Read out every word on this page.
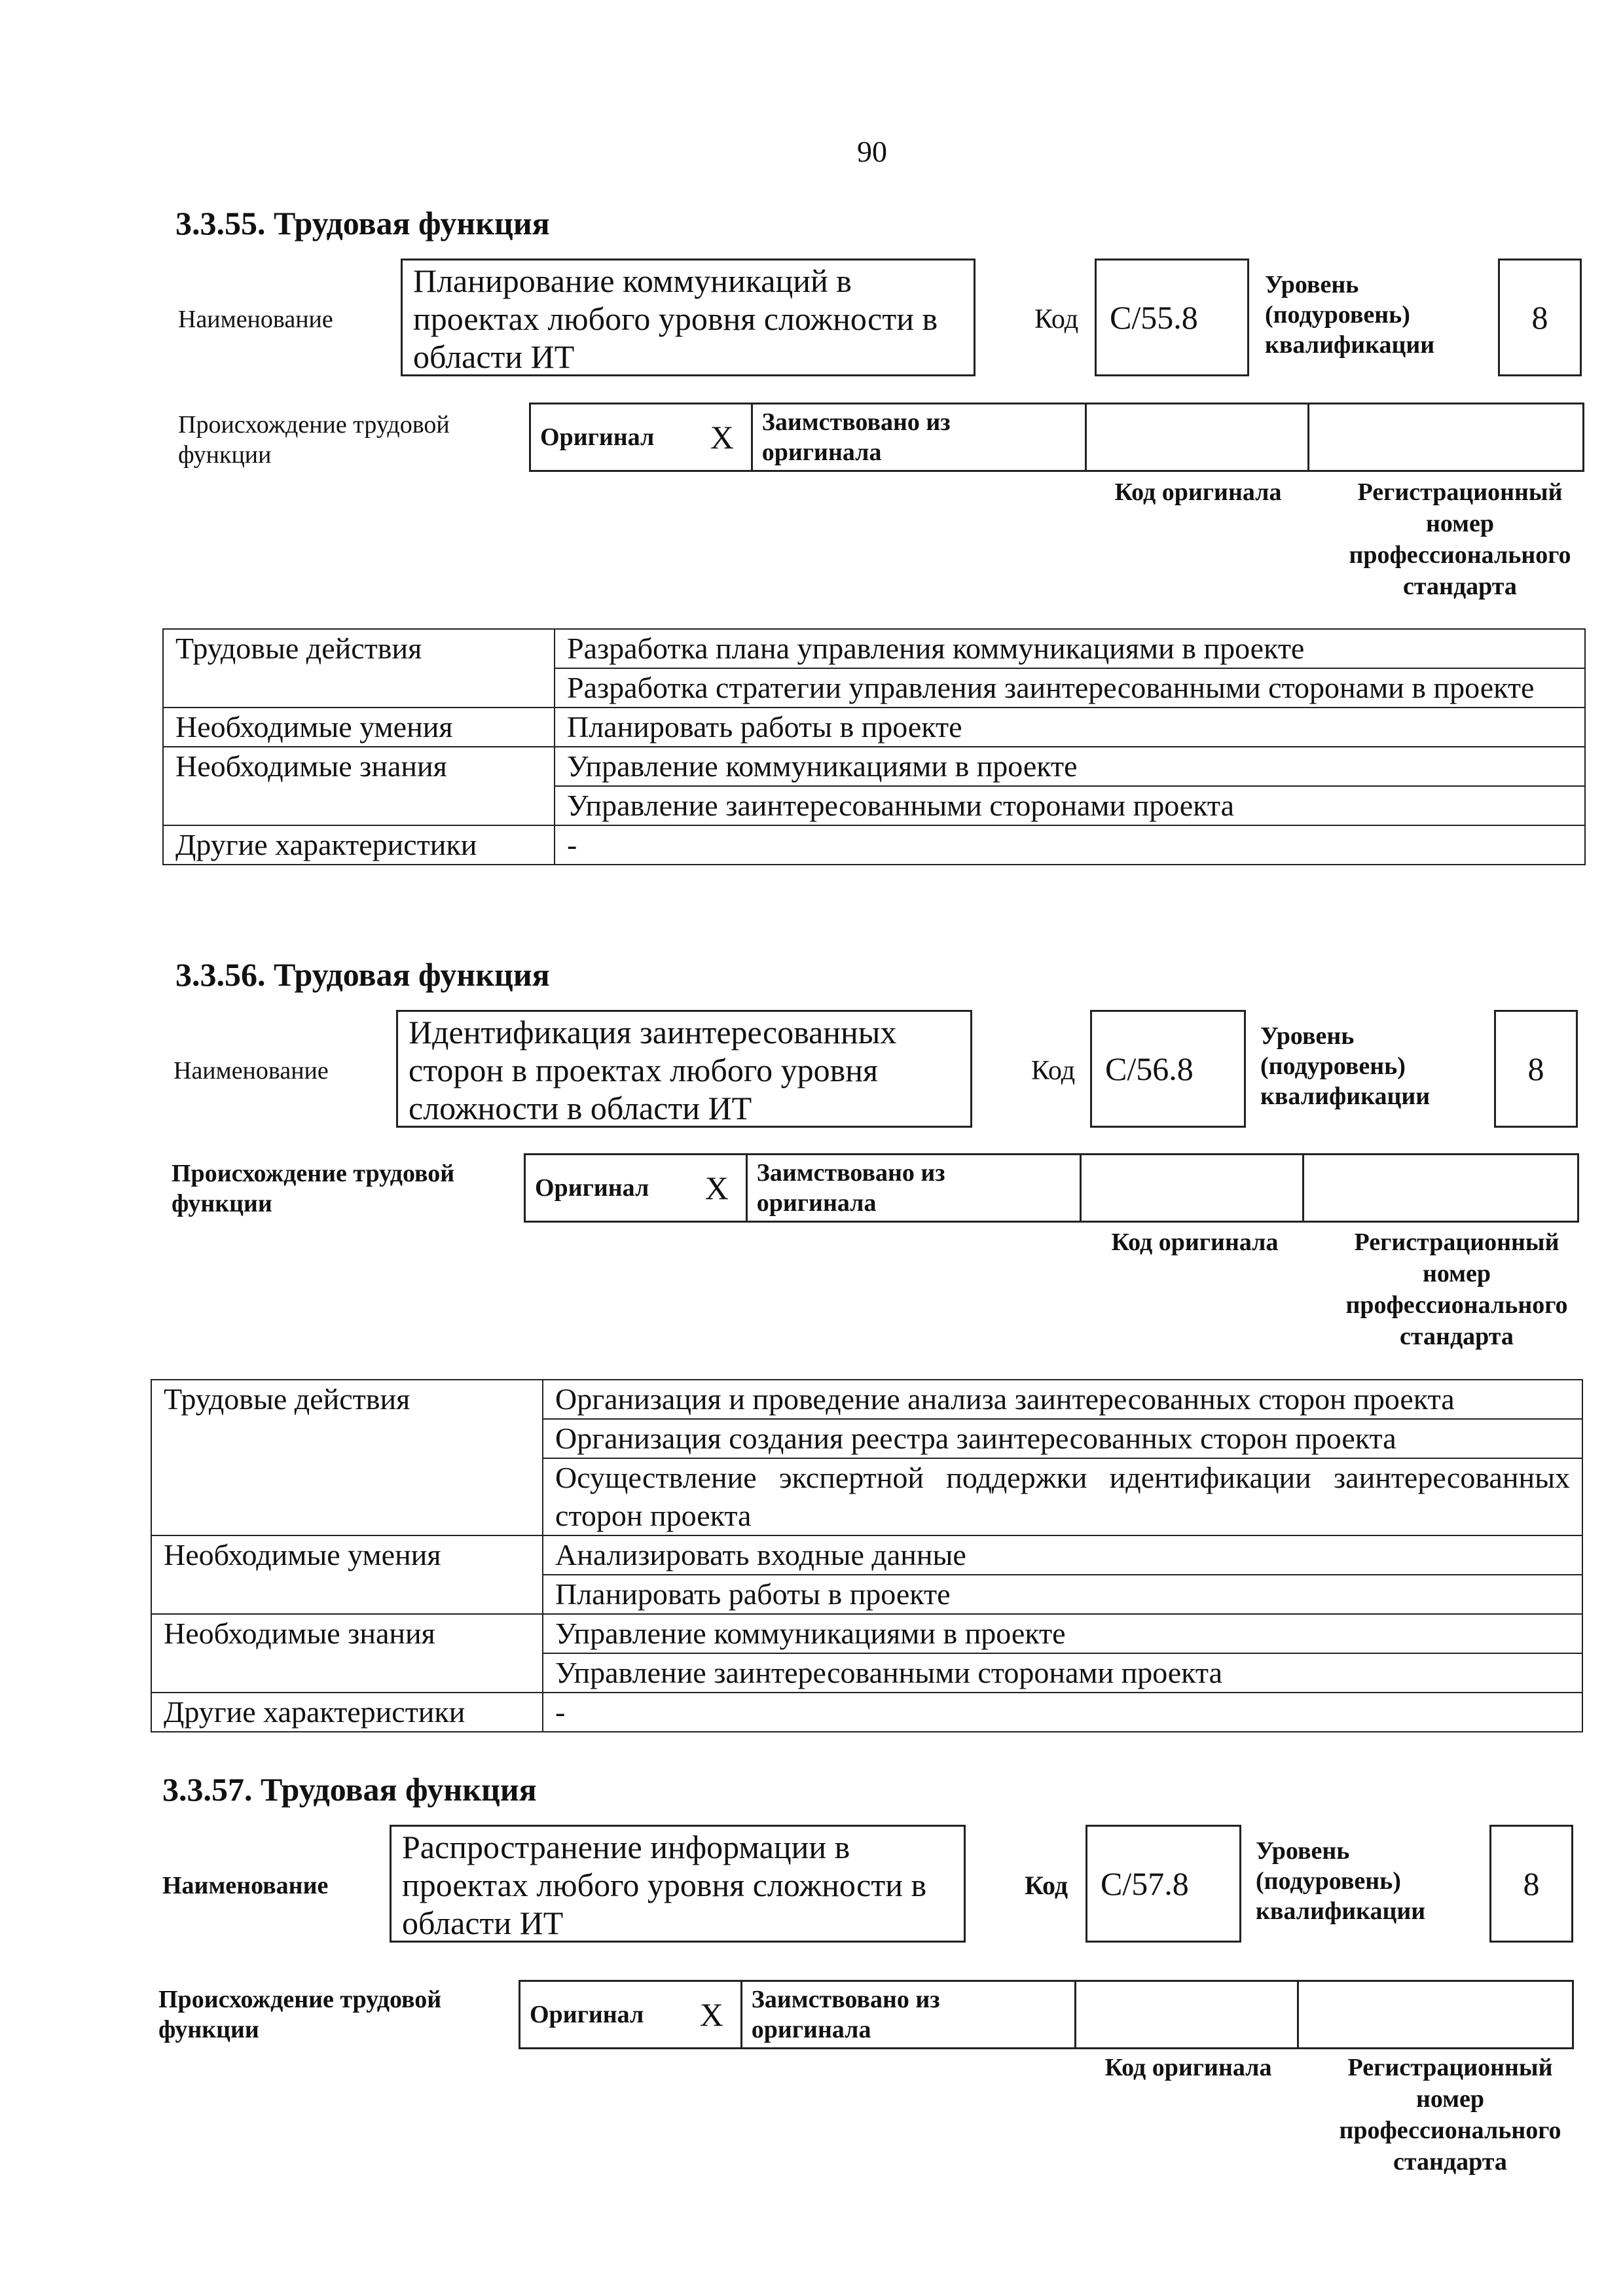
90
3.3.55. Трудовая функция
Наименование
Планирование коммуникаций в проектах любого уровня сложности в области ИТ
Код C/55.8
Уровень
(подуровень)
квалификации
8
Происхождение трудовой
функции
Оригинал	X	Заимствовано из
оригинала		
Код оригинала	Регистрационный
номер
профессионального
стандарта
Трудовые действия	Разработка плана управления коммуникациями в проекте
	Разработка стратегии управления заинтересованными сторонами в проекте
Необходимые умения	Планировать работы в проекте
Необходимые знания	Управление коммуникациями в проекте
	Управление заинтересованными сторонами проекта
Другие характеристики	-
3.3.56. Трудовая функция
Наименование
Идентификация заинтересованных сторон в проектах любого уровня сложности в области ИТ
Код C/56.8
Уровень
(подуровень)
квалификации
8
Происхождение трудовой
функции
Оригинал	X	Заимствовано из
оригинала		
Код оригинала	Регистрационный
номер
профессионального
стандарта
Трудовые действия	Организация и проведение анализа заинтересованных сторон проекта
	Организация создания реестра заинтересованных сторон проекта
	Осуществление экспертной поддержки идентификации заинтересованных сторон проекта
Необходимые умения	Анализировать входные данные
	Планировать работы в проекте
Необходимые знания	Управление коммуникациями в проекте
	Управление заинтересованными сторонами проекта
Другие характеристики	-
3.3.57. Трудовая функция
Наименование
Распространение информации в проектах любого уровня сложности в области ИТ
Код C/57.8
Уровень
(подуровень)
квалификации
8
Происхождение трудовой
функции
Оригинал	X	Заимствовано из
оригинала		
Код оригинала	Регистрационный
номер
профессионального
стандарта
